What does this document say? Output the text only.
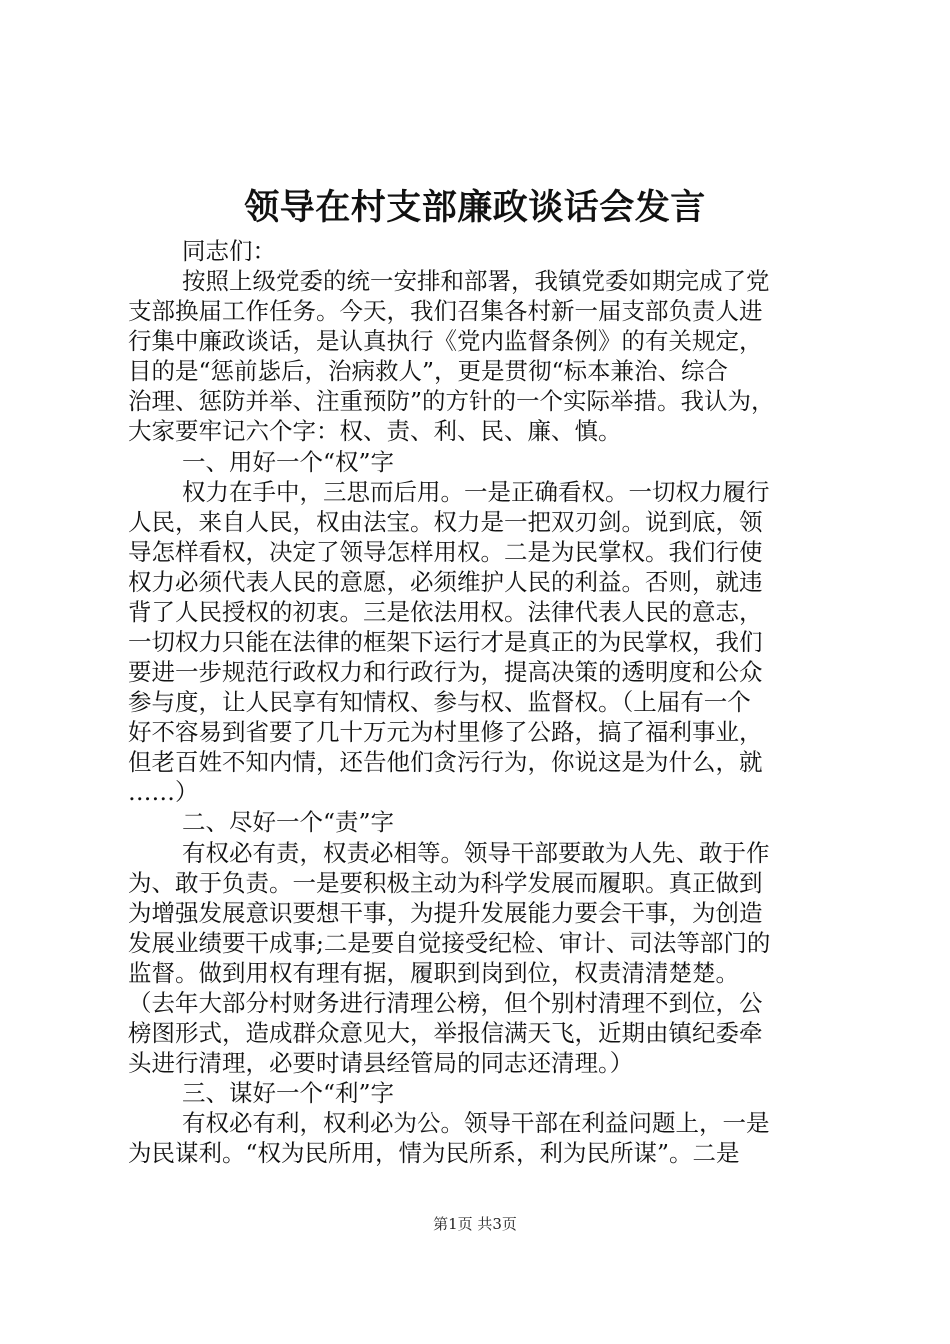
领导在村支部廉政谈话会发言
同志们：
按照上级党委的统一安排和部署，我镇党委如期完成了党
支部换届工作任务。今天，我们召集各村新一届支部负责人进
行集中廉政谈话，是认真执行《党内监督条例》的有关规定，
目的是“惩前毖后，治病救人”，更是贯彻“标本兼治、综合
治理、惩防并举、注重预防”的方针的一个实际举措。我认为，
大家要牢记六个字：权、责、利、民、廉、慎。
一、用好一个“权”字
权力在手中，三思而后用。一是正确看权。一切权力履行
人民，来自人民，权由法宝。权力是一把双刃剑。说到底，领
导怎样看权，决定了领导怎样用权。二是为民掌权。我们行使
权力必须代表人民的意愿，必须维护人民的利益。否则，就违
背了人民授权的初衷。三是依法用权。法律代表人民的意志，
一切权力只能在法律的框架下运行才是真正的为民掌权，我们
要进一步规范行政权力和行政行为，提高决策的透明度和公众
参与度，让人民享有知情权、参与权、监督权。（上届有一个
好不容易到省要了几十万元为村里修了公路，搞了福利事业，
但老百姓不知内情，还告他们贪污行为，你说这是为什么，就
……）
二、尽好一个“责”字
有权必有责，权责必相等。领导干部要敢为人先、敢于作
为、敢于负责。一是要积极主动为科学发展而履职。真正做到
为增强发展意识要想干事，为提升发展能力要会干事，为创造
发展业绩要干成事;二是要自觉接受纪检、审计、司法等部门的
监督。做到用权有理有据，履职到岗到位，权责清清楚楚。
（去年大部分村财务进行清理公榜，但个别村清理不到位，公
榜图形式，造成群众意见大，举报信满天飞，近期由镇纪委牵
头进行清理，必要时请县经管局的同志还清理。）
三、谋好一个“利”字
有权必有利，权利必为公。领导干部在利益问题上，一是
为民谋利。“权为民所用，情为民所系，利为民所谋”。二是
第1页 共3页
